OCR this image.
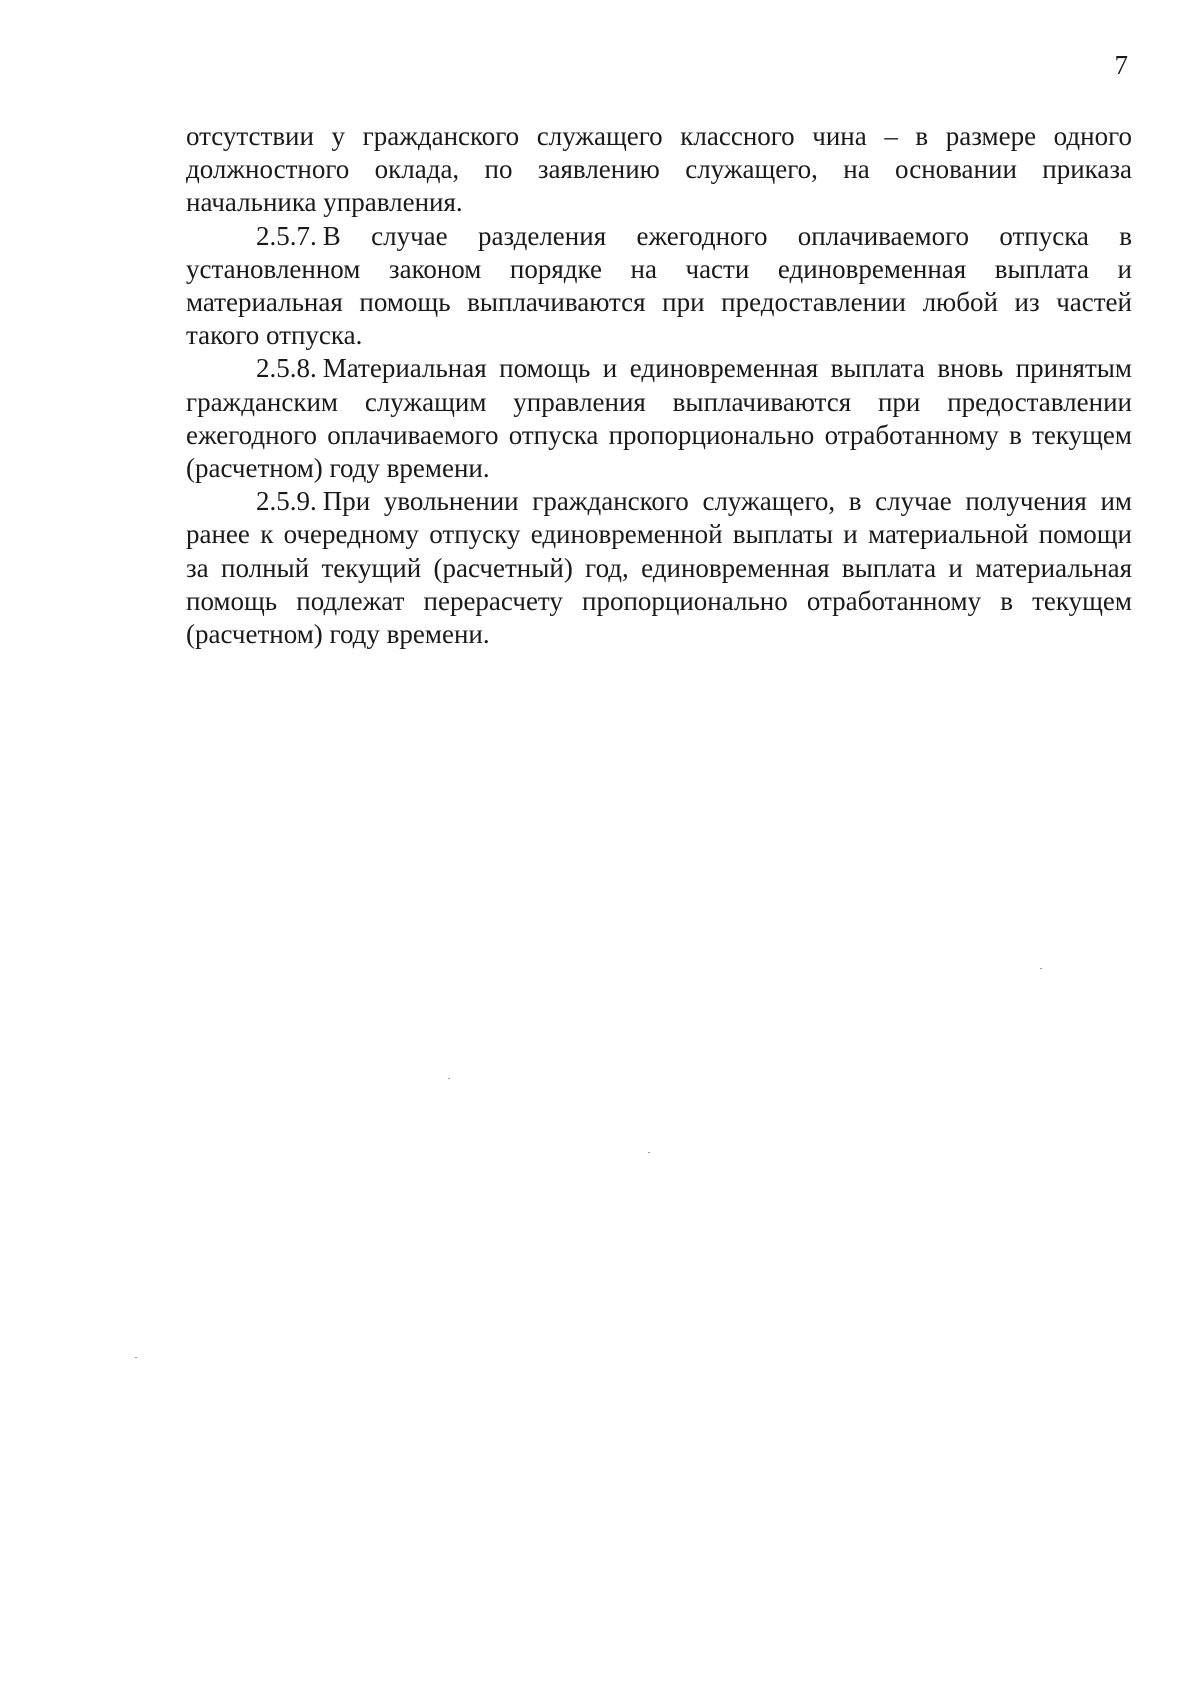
7

отсутствии у гражданского служащего классного чина – в размере одного должностного оклада, по заявлению служащего, на основании приказа начальника управления.

2.5.7. В случае разделения ежегодного оплачиваемого отпуска в установленном законом порядке на части единовременная выплата и материальная помощь выплачиваются при предоставлении любой из частей такого отпуска.

2.5.8. Материальная помощь и единовременная выплата вновь принятым гражданским служащим управления выплачиваются при предоставлении ежегодного оплачиваемого отпуска пропорционально отработанному в текущем (расчетном) году времени.

2.5.9. При увольнении гражданского служащего, в случае получения им ранее к очередному отпуску единовременной выплаты и материальной помощи за полный текущий (расчетный) год, единовременная выплата и материальная помощь подлежат перерасчету пропорционально отработанному в текущем (расчетном) году времени.
